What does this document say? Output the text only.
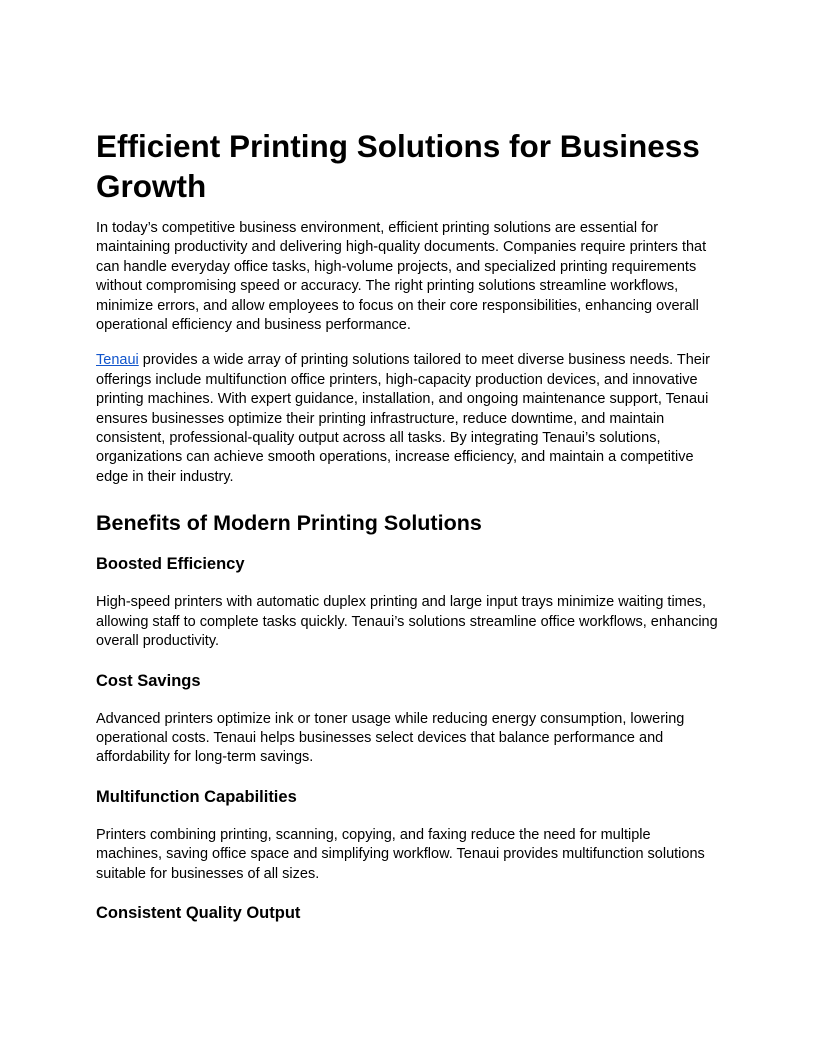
Efficient Printing Solutions for Business Growth

In today’s competitive business environment, efficient printing solutions are essential for maintaining productivity and delivering high-quality documents. Companies require printers that can handle everyday office tasks, high-volume projects, and specialized printing requirements without compromising speed or accuracy. The right printing solutions streamline workflows, minimize errors, and allow employees to focus on their core responsibilities, enhancing overall operational efficiency and business performance.

Tenaui provides a wide array of printing solutions tailored to meet diverse business needs. Their offerings include multifunction office printers, high-capacity production devices, and innovative printing machines. With expert guidance, installation, and ongoing maintenance support, Tenaui ensures businesses optimize their printing infrastructure, reduce downtime, and maintain consistent, professional-quality output across all tasks. By integrating Tenaui’s solutions, organizations can achieve smooth operations, increase efficiency, and maintain a competitive edge in their industry.

Benefits of Modern Printing Solutions
Boosted Efficiency

High-speed printers with automatic duplex printing and large input trays minimize waiting times, allowing staff to complete tasks quickly. Tenaui’s solutions streamline office workflows, enhancing overall productivity.

Cost Savings

Advanced printers optimize ink or toner usage while reducing energy consumption, lowering operational costs. Tenaui helps businesses select devices that balance performance and affordability for long-term savings.

Multifunction Capabilities

Printers combining printing, scanning, copying, and faxing reduce the need for multiple machines, saving office space and simplifying workflow. Tenaui provides multifunction solutions suitable for businesses of all sizes.

Consistent Quality Output
